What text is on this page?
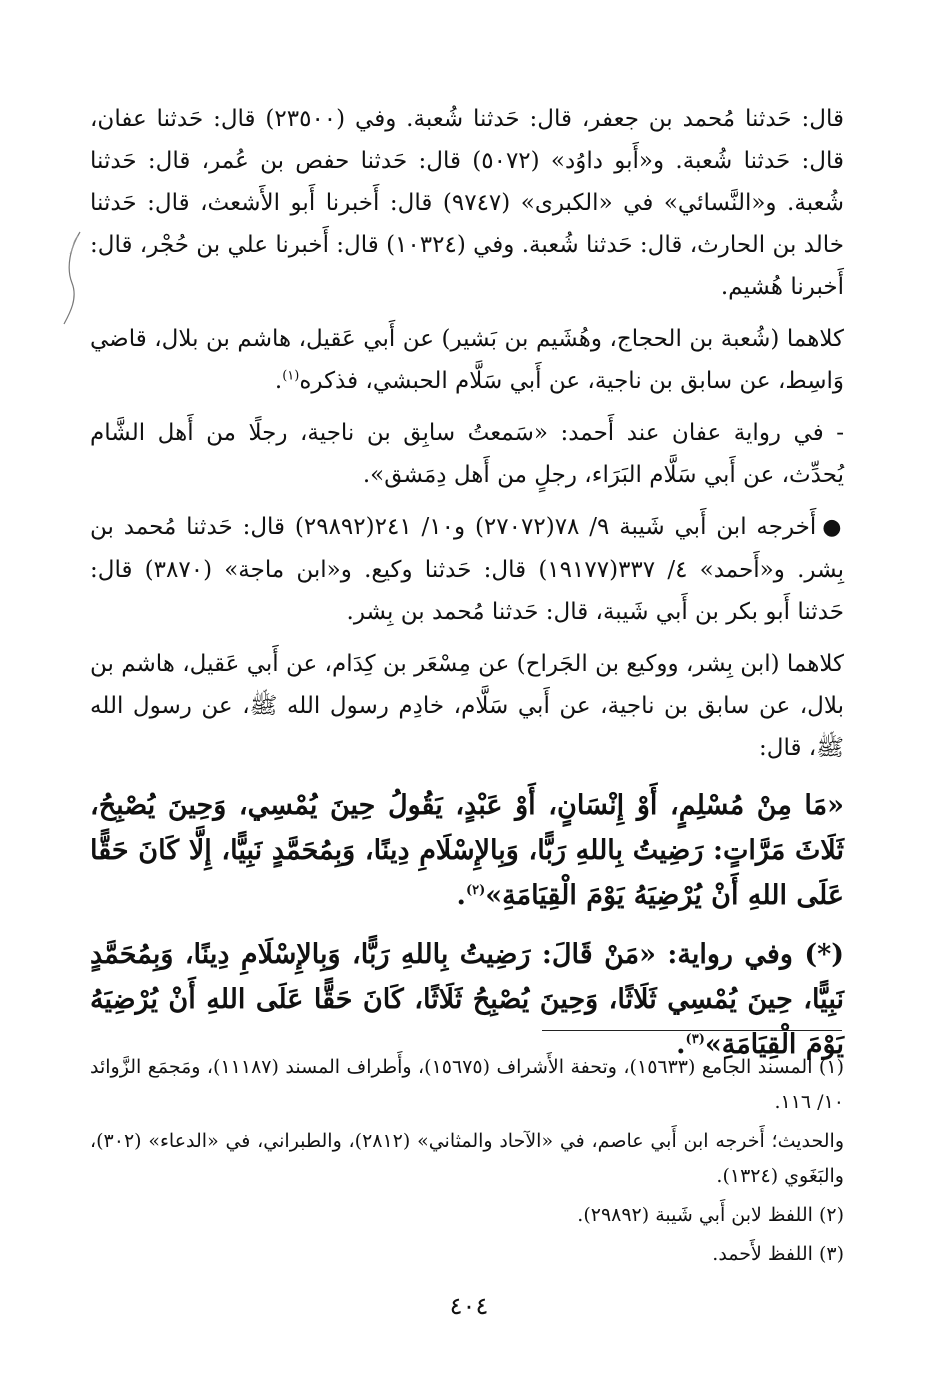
قال: حَدثنا مُحمد بن جعفر، قال: حَدثنا شُعبة. وفي (٢٣٥٠٠) قال: حَدثنا عفان، قال: حَدثنا شُعبة. و«أَبو داوُد» (٥٠٧٢) قال: حَدثنا حفص بن عُمر، قال: حَدثنا شُعبة. و«النَّسائي» في «الكبرى» (٩٧٤٧) قال: أَخبرنا أَبو الأَشعث، قال: حَدثنا خالد بن الحارث، قال: حَدثنا شُعبة. وفي (١٠٣٢٤) قال: أَخبرنا علي بن حُجْر، قال: أَخبرنا هُشيم.

كلاهما (شُعبة بن الحجاج، وهُشَيم بن بَشير) عن أَبي عَقيل، هاشم بن بلال، قاضي وَاسِط، عن سابق بن ناجية، عن أَبي سَلَّام الحبشي، فذكره$^{(١)}$.

- في رواية عفان عند أَحمد: «سَمعتُ سابِق بن ناجية، رجلًا من أَهل الشَّام يُحدِّث، عن أَبي سَلَّام البَرَاء، رجلٍ من أَهل دِمَشق».

●أَخرجه ابن أَبي شَيبة ٩/ ٧٨(٢٧٠٧٢) و١٠/ ٢٤١(٢٩٨٩٢) قال: حَدثنا مُحمد بن بِشر. و«أَحمد» ٤/ ٣٣٧(١٩١٧٧) قال: حَدثنا وكيع. و«ابن ماجة» (٣٨٧٠) قال: حَدثنا أَبو بكر بن أَبي شَيبة، قال: حَدثنا مُحمد بن بِشر.

كلاهما (ابن بِشر، ووكيع بن الجَراح) عن مِسْعَر بن كِدَام، عن أَبي عَقيل، هاشم بن بلال، عن سابق بن ناجية، عن أَبي سَلَّام، خادِم رسول الله ﷺ، عن رسول الله ﷺ، قال:

«مَا مِنْ مُسْلِمٍ، أَوْ إِنْسَانٍ، أَوْ عَبْدٍ، يَقُولُ حِينَ يُمْسِي، وَحِينَ يُصْبِحُ، ثَلَاثَ مَرَّاتٍ: رَضِيتُ بِاللهِ رَبًّا، وَبِالإِسْلَامِ دِينًا، وَبِمُحَمَّدٍ نَبِيًّا، إِلَّا كَانَ حَقًّا عَلَى اللهِ أَنْ يُرْضِيَهُ يَوْمَ الْقِيَامَةِ»$^{(٢)}$.

(*) وفي رواية: «مَنْ قَالَ: رَضِيتُ بِاللهِ رَبًّا، وَبِالإِسْلَامِ دِينًا، وَبِمُحَمَّدٍ نَبِيًّا، حِينَ يُمْسِي ثَلَاثًا، وَحِينَ يُصْبِحُ ثَلَاثًا، كَانَ حَقًّا عَلَى اللهِ أَنْ يُرْضِيَهُ يَوْمَ الْقِيَامَةِ»$^{(٣)}$.

(١) المسند الجامع (١٥٦٣٣)، وتحفة الأَشراف (١٥٦٧٥)، وأَطراف المسند (١١١٨٧)، ومَجمَع الزَّوائد ١٠/ ١١٦.

والحديث؛ أَخرجه ابن أَبي عاصم، في «الآحاد والمثاني» (٢٨١٢)، والطبراني، في «الدعاء» (٣٠٢)، والبَغَوي (١٣٢٤).

(٢) اللفظ لابن أَبي شَيبة (٢٩٨٩٢).

(٣) اللفظ لأَحمد.

٤٠٤
